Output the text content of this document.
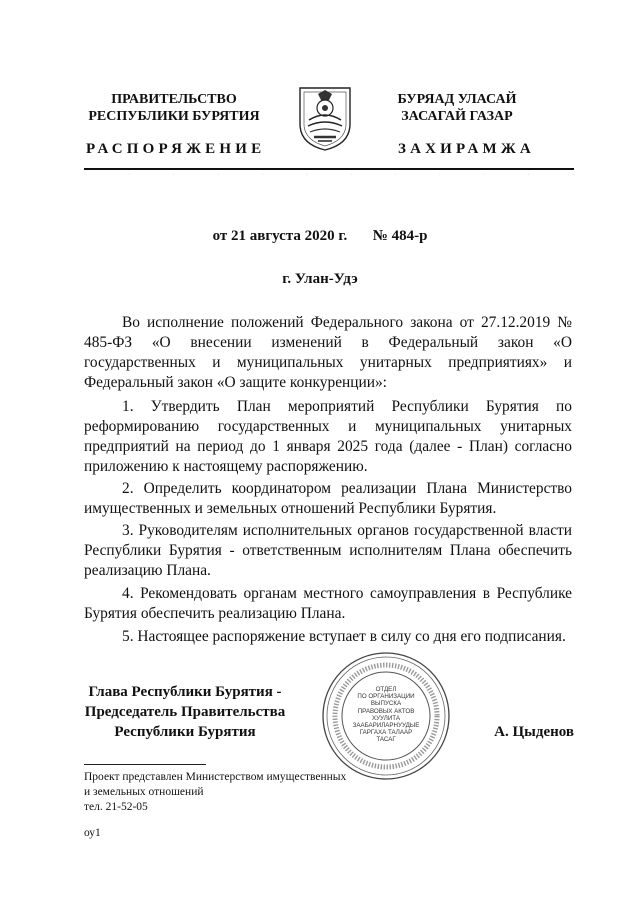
ПРАВИТЕЛЬСТВО
РЕСПУБЛИКИ БУРЯТИЯ
БУРЯАД УЛАСАЙ
ЗАСАГАЙ ГАЗАР
РАСПОРЯЖЕНИЕ	ЗАХИРАМЖА
·	·	·	·	·	·	·	·	·	·	·	·
от 21 августа 2020 г. № 484-р
г. Улан-Удэ

Во исполнение положений Федерального закона от 27.12.2019 № 485-ФЗ «О внесении изменений в Федеральный закон «О государственных и муниципальных унитарных предприятиях» и Федеральный закон «О защите конкуренции»:

1. Утвердить План мероприятий Республики Бурятия по реформированию государственных и муниципальных унитарных предприятий на период до 1 января 2025 года (далее - План) согласно приложению к настоящему распоряжению.

2. Определить координатором реализации Плана Министерство имущественных и земельных отношений Республики Бурятия.

3. Руководителям исполнительных органов государственной власти Республики Бурятия - ответственным исполнителям Плана обеспечить реализацию Плана.

4. Рекомендовать органам местного самоуправления в Республике Бурятия обеспечить реализацию Плана.

5. Настоящее распоряжение вступает в силу со дня его подписания.

Глава Республики Бурятия -
Председатель Правительства
Республики Бурятия
ОТДЕЛ
ПО ОРГАНИЗАЦИИ
ВЫПУСКА
ПРАВОВЫХ АКТОВ
ХУУЛИТА
ЗААБАРИЛАРНУУДЫЕ
ГАРГАХА ТАЛААР
ТАСАГ	А. Цыденов
Проект представлен Министерством имущественных
и земельных отношений
тел. 21-52-05
оу1
